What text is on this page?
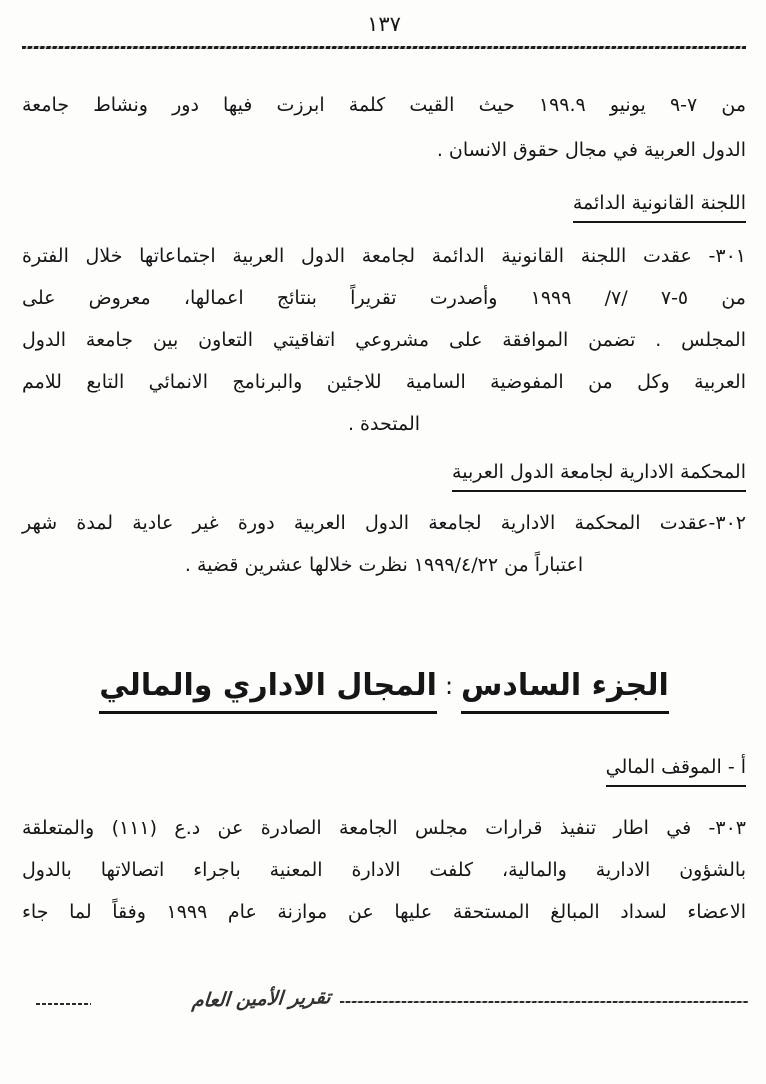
١٣٧
من ٧-٩ يونيو ١٩٩.٩ حيث القيت كلمة ابرزت فيها دور ونشاط جامعة
الدول العربية في مجال حقوق الانسان .
اللجنة القانونية الدائمة
٣٠١- عقدت اللجنة القانونية الدائمة لجامعة الدول العربية اجتماعاتها خلال الفترة
من ٥-٧ /٧/ ١٩٩٩ وأصدرت تقريراً بنتائج اعمالها، معروض على
المجلس . تضمن الموافقة على مشروعي اتفاقيتي التعاون بين جامعة الدول
العربية وكل من المفوضية السامية للاجئين والبرنامج الانمائي التابع للامم
المتحدة .
المحكمة الادارية لجامعة الدول العربية
٣٠٢-عقدت المحكمة الادارية لجامعة الدول العربية دورة غير عادية لمدة شهر
اعتباراً من ١٩٩٩/٤/٢٢ نظرت خلالها عشرين قضية .
الجزء السادس:المجال الاداري والمالي
أ - الموقف المالي
٣٠٣- في اطار تنفيذ قرارات مجلس الجامعة الصادرة عن د.ع (١١١) والمتعلقة
بالشؤون الادارية والمالية، كلفت الادارة المعنية باجراء اتصالاتها بالدول
الاعضاء لسداد المبالغ المستحقة عليها عن موازنة عام ١٩٩٩ وفقاً لما جاء
تقرير الأمين العام
